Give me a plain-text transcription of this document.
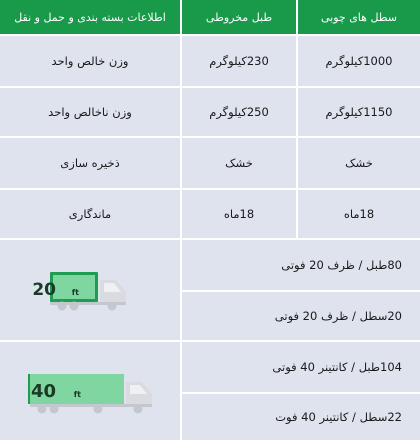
سطل های چوبی
طبل مخروطی
اطلاعات بسته بندی و حمل و نقل
1000کیلوگرم
230کیلوگرم
وزن خالص واحد
1150کیلوگرم
250کیلوگرم
وزن ناخالص واحد
خشک
خشک
ذخیره سازی
18ماه
18ماه
ماندگاری
80طبل / ظرف 20 فوتی
20سطل / ظرف 20 فوتی
20 ft
104طبل / کانتینر 40 فوتی
22سطل / کانتینر 40 فوت
40 ft
